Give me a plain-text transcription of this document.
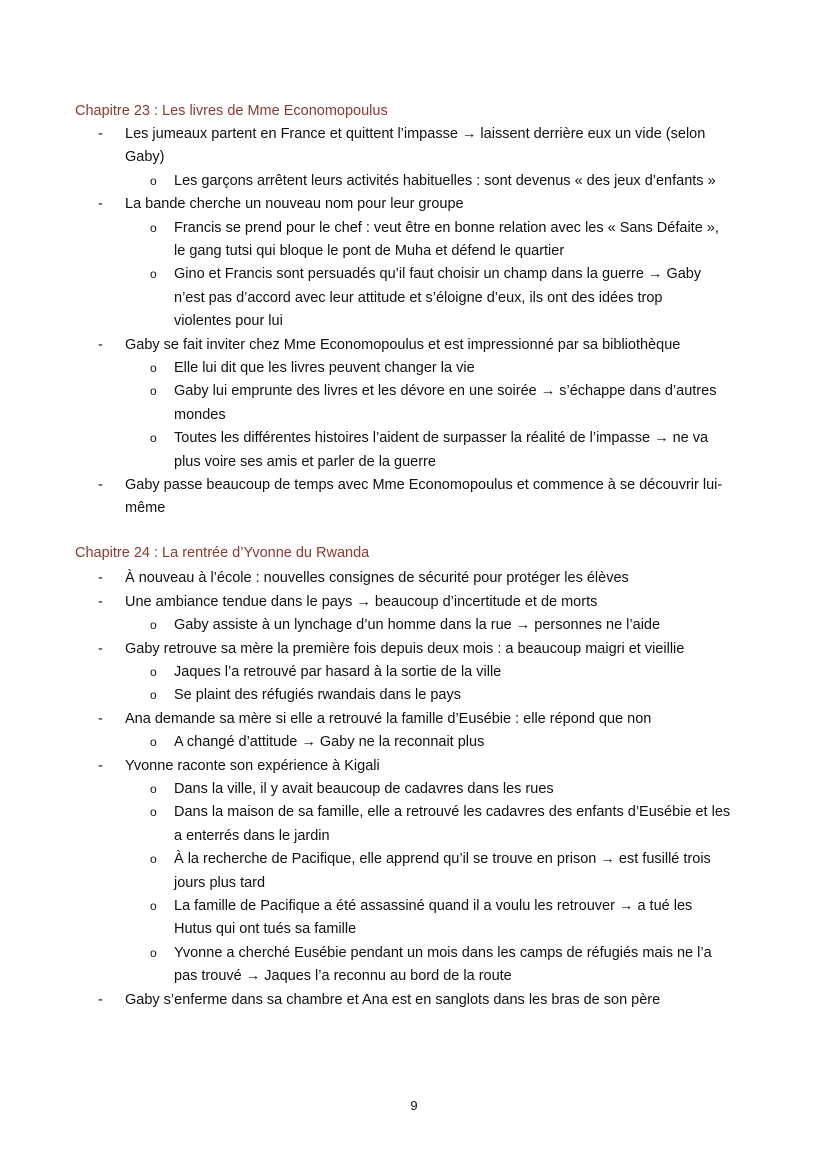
Chapitre 23 : Les livres de Mme Economopoulus
- Les jumeaux partent en France et quittent l’impasse → laissent derrière eux un vide (selon
Gaby)
o Les garçons arrêtent leurs activités habituelles : sont devenus « des jeux d’enfants »
- La bande cherche un nouveau nom pour leur groupe
o Francis se prend pour le chef : veut être en bonne relation avec les « Sans Défaite »,
le gang tutsi qui bloque le pont de Muha et défend le quartier
o Gino et Francis sont persuadés qu’il faut choisir un champ dans la guerre → Gaby
n’est pas d’accord avec leur attitude et s’éloigne d’eux, ils ont des idées trop
violentes pour lui
- Gaby se fait inviter chez Mme Economopoulus et est impressionné par sa bibliothèque
o Elle lui dit que les livres peuvent changer la vie
o Gaby lui emprunte des livres et les dévore en une soirée → s’échappe dans d’autres
mondes
o Toutes les différentes histoires l’aident de surpasser la réalité de l’impasse → ne va
plus voire ses amis et parler de la guerre
- Gaby passe beaucoup de temps avec Mme Economopoulus et commence à se découvrir lui-
même
Chapitre 24 : La rentrée d’Yvonne du Rwanda
- À nouveau à l’école : nouvelles consignes de sécurité pour protéger les élèves
- Une ambiance tendue dans le pays → beaucoup d’incertitude et de morts
o Gaby assiste à un lynchage d’un homme dans la rue → personnes ne l’aide
- Gaby retrouve sa mère la première fois depuis deux mois : a beaucoup maigri et vieillie
o Jaques l’a retrouvé par hasard à la sortie de la ville
o Se plaint des réfugiés rwandais dans le pays
- Ana demande sa mère si elle a retrouvé la famille d’Eusébie : elle répond que non
o A changé d’attitude → Gaby ne la reconnait plus
- Yvonne raconte son expérience à Kigali
o Dans la ville, il y avait beaucoup de cadavres dans les rues
o Dans la maison de sa famille, elle a retrouvé les cadavres des enfants d’Eusébie et les
a enterrés dans le jardin
o À la recherche de Pacifique, elle apprend qu’il se trouve en prison → est fusillé trois
jours plus tard
o La famille de Pacifique a été assassiné quand il a voulu les retrouver → a tué les
Hutus qui ont tués sa famille
o Yvonne a cherché Eusébie pendant un mois dans les camps de réfugiés mais ne l’a
pas trouvé → Jaques l’a reconnu au bord de la route
- Gaby s’enferme dans sa chambre et Ana est en sanglots dans les bras de son père
9
